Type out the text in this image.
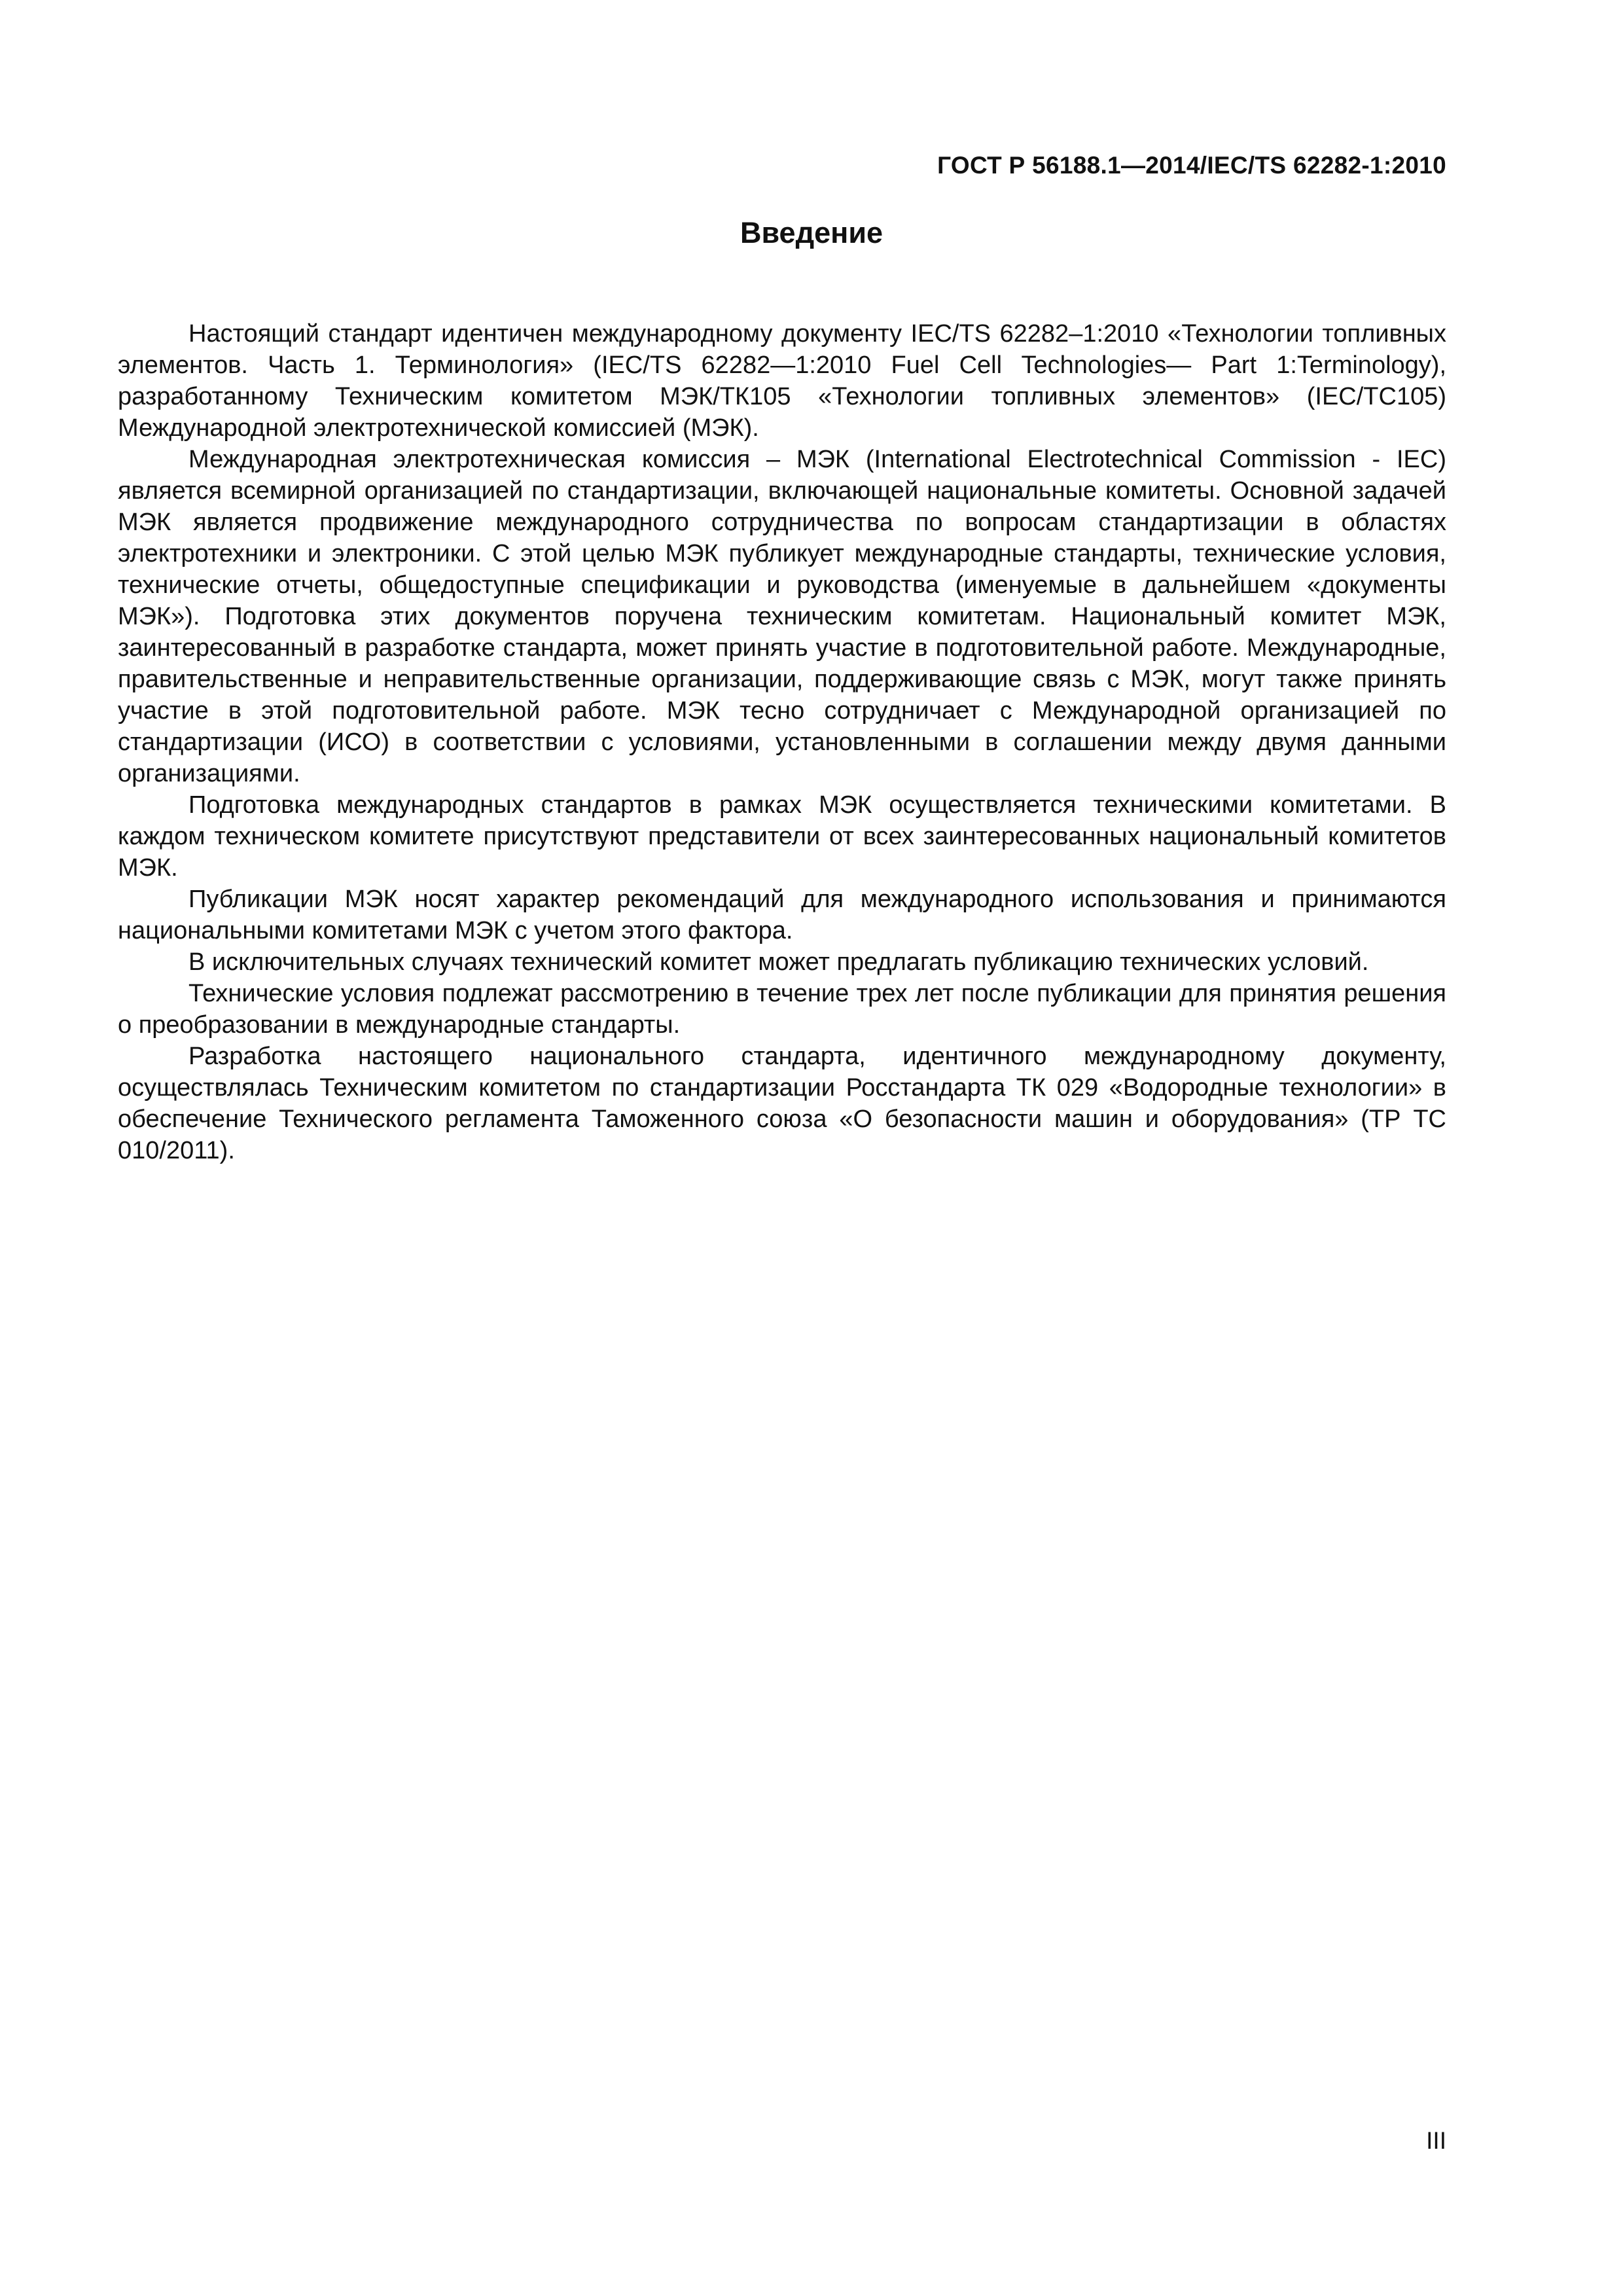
ГОСТ Р 56188.1—2014/IEC/TS 62282-1:2010
Введение

Настоящий стандарт идентичен международному документу IEC/TS 62282–1:2010 «Технологии топливных элементов. Часть 1. Терминология» (IEC/TS 62282—1:2010 Fuel Cell Technologies— Part 1:Terminology), разработанному Техническим комитетом МЭК/ТК105 «Технологии топливных элементов» (IEC/TC105) Международной электротехнической комиссией (МЭК).

Международная электротехническая комиссия – МЭК (International Electrotechnical Commission - IEC) является всемирной организацией по стандартизации, включающей национальные комитеты. Основной задачей МЭК является продвижение международного сотрудничества по вопросам стандартизации в областях электротехники и электроники. С этой целью МЭК публикует международные стандарты, технические условия, технические отчеты, общедоступные спецификации и руководства (именуемые в дальнейшем «документы МЭК»). Подготовка этих документов поручена техническим комитетам. Национальный комитет МЭК, заинтересованный в разработке стандарта, может принять участие в подготовительной работе. Международные, правительственные и неправительственные организации, поддерживающие связь с МЭК, могут также принять участие в этой подготовительной работе. МЭК тесно сотрудничает с Международной организацией по стандартизации (ИСО) в соответствии с условиями, установленными в соглашении между двумя данными организациями.

Подготовка международных стандартов в рамках МЭК осуществляется техническими комитетами. В каждом техническом комитете присутствуют представители от всех заинтересованных национальный комитетов МЭК.

Публикации МЭК носят характер рекомендаций для международного использования и принимаются национальными комитетами МЭК с учетом этого фактора.

В исключительных случаях технический комитет может предлагать публикацию технических условий.

Технические условия подлежат рассмотрению в течение трех лет после публикации для принятия решения о преобразовании в международные стандарты.

Разработка настоящего национального стандарта, идентичного международному документу, осуществлялась Техническим комитетом по стандартизации Росстандарта ТК 029 «Водородные технологии» в обеспечение Технического регламента Таможенного союза «О безопасности машин и оборудования» (ТР ТС 010/2011).

III
